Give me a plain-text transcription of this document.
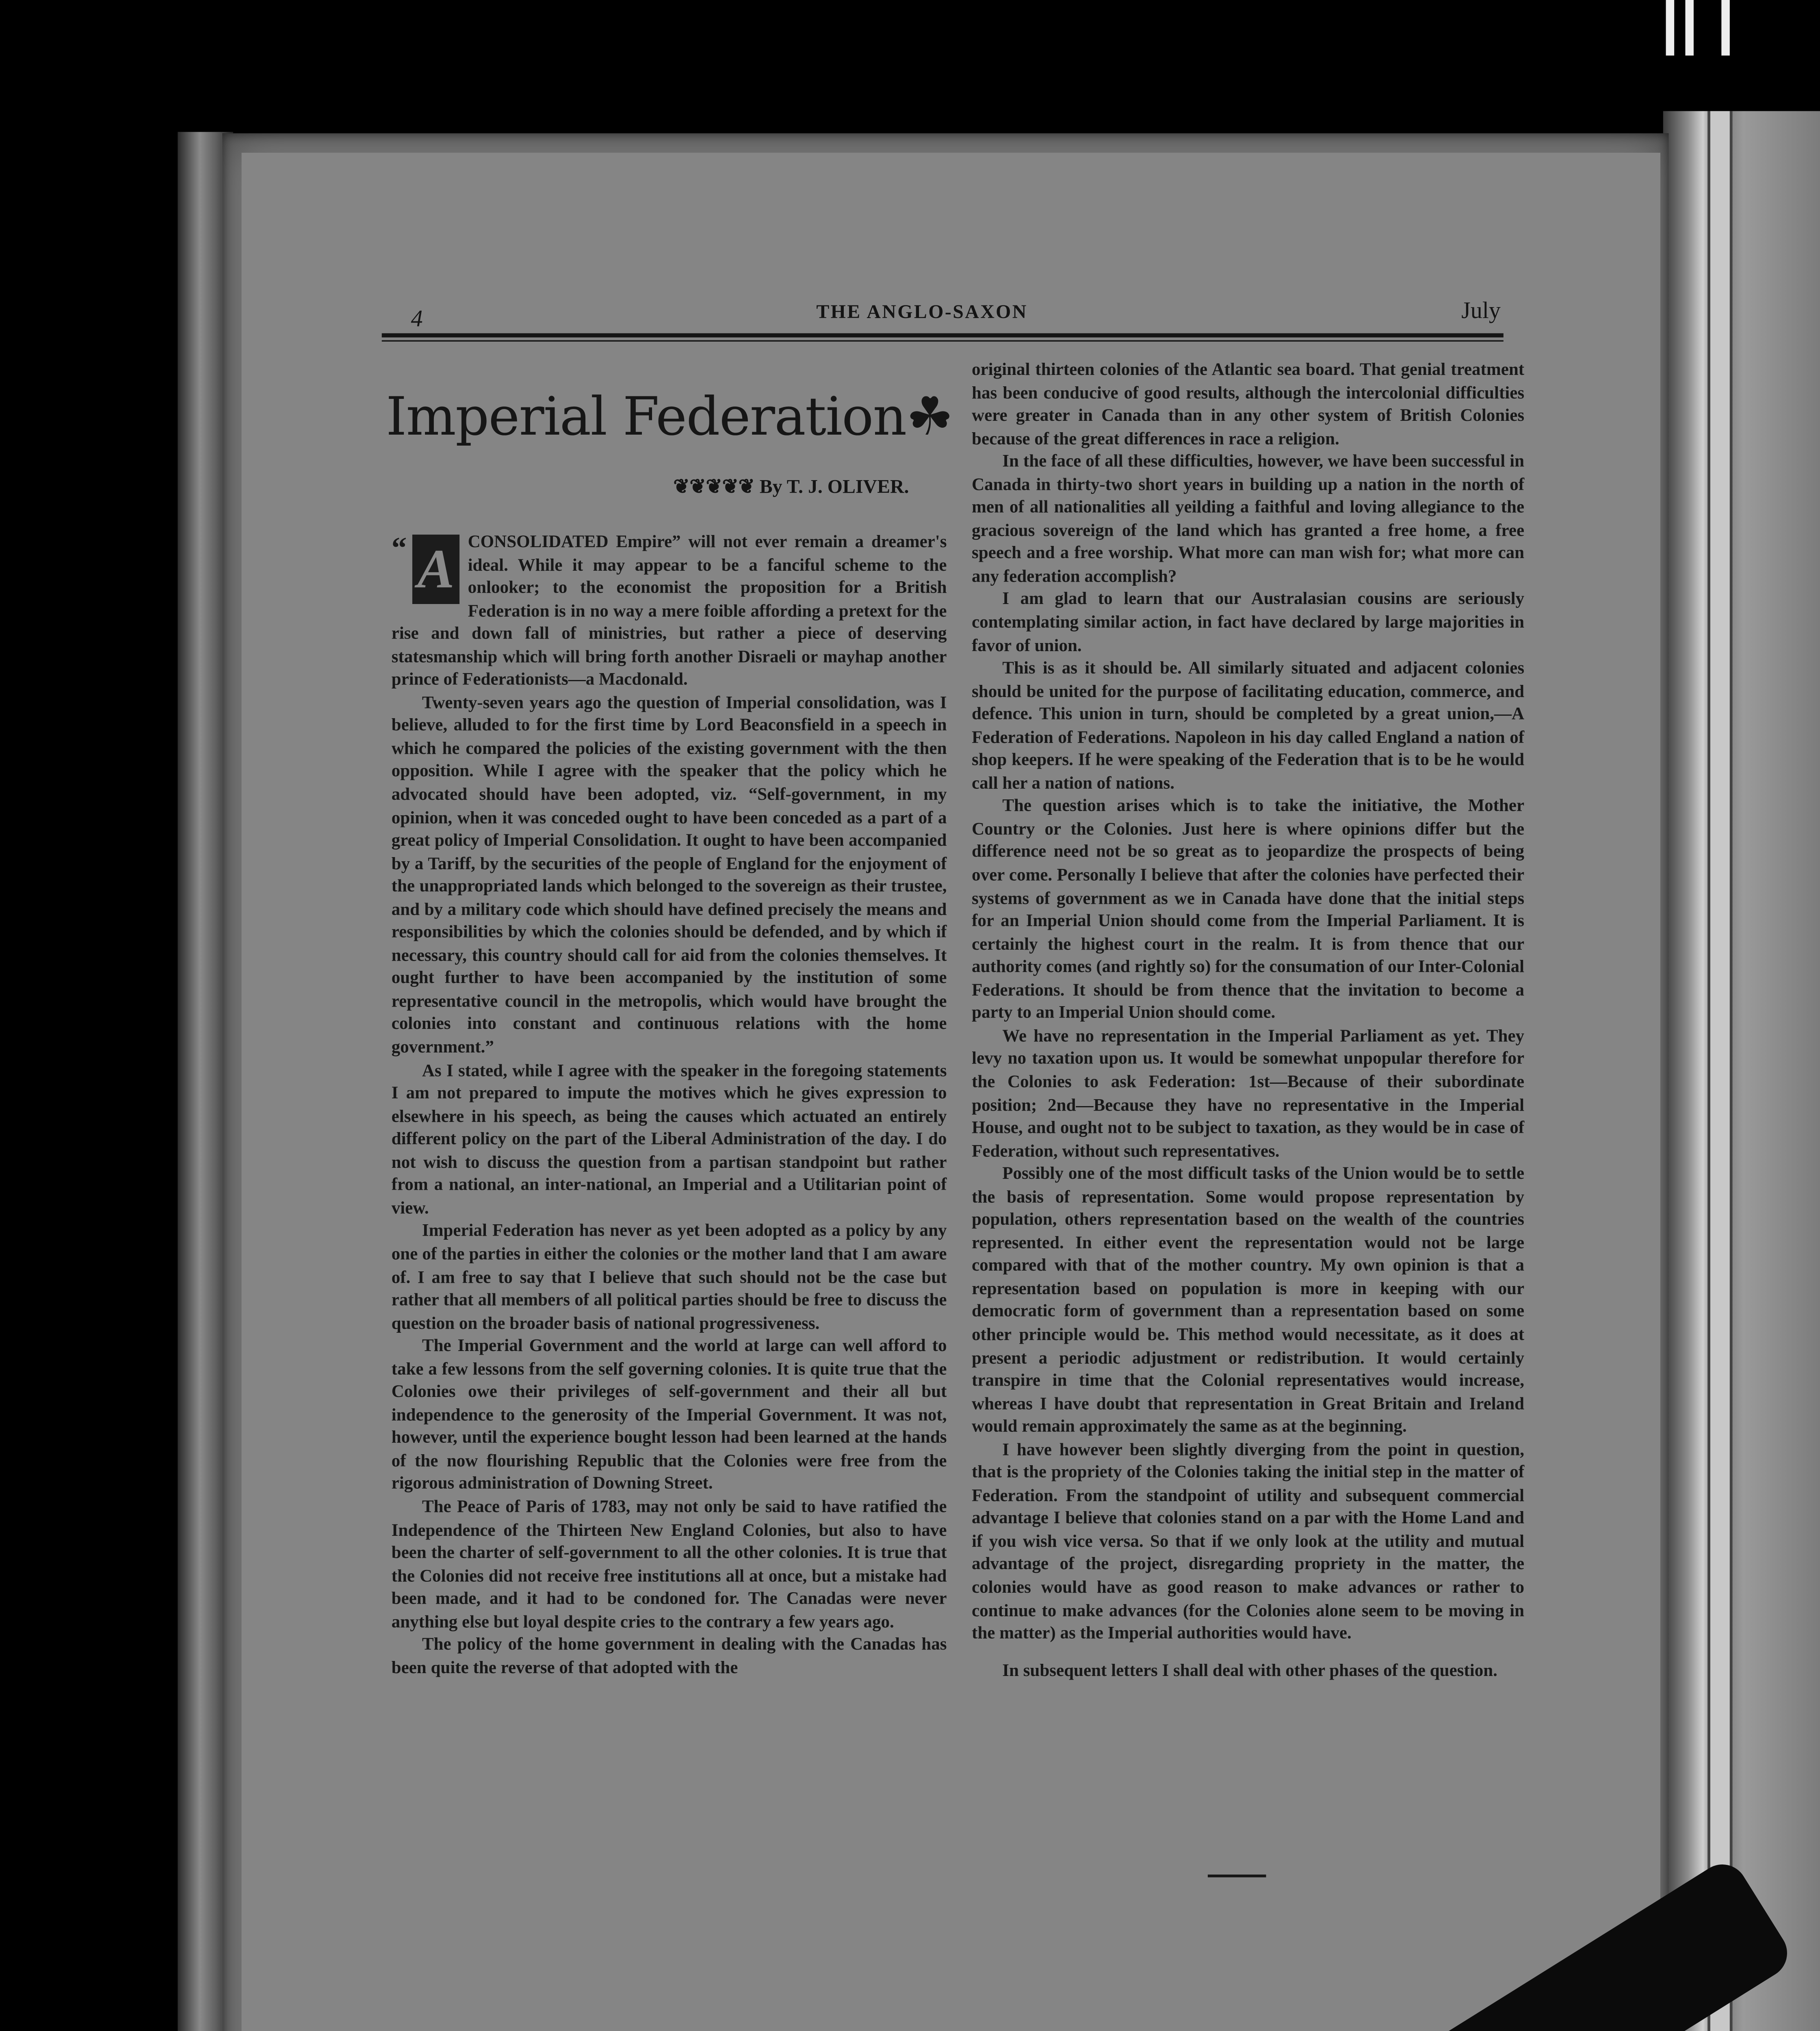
4	THE ANGLO-SAXON	July
Imperial Federation☘
❦❦❦❦❦ By T. J. OLIVER.

“ A	CONSOLIDATED Empire” will not ever remain a dreamer's ideal. While it may appear to be a fanciful scheme to the onlooker; to the economist the proposition for a British Federation is in no way a mere foible affording a pretext for the rise and down fall of ministries, but rather a piece of deserving statesmanship which will bring forth another Disraeli or mayhap another prince of Federationists—a Macdonald.

Twenty-seven years ago the question of Imperial consolidation, was I believe, alluded to for the first time by Lord Beaconsfield in a speech in which he compared the policies of the existing government with the then opposition. While I agree with the speaker that the policy which he advocated should have been adopted, viz. “Self-government, in my opinion, when it was conceded ought to have been conceded as a part of a great policy of Imperial Consolidation. It ought to have been accompanied by a Tariff, by the securities of the people of England for the enjoyment of the unappropriated lands which belonged to the sovereign as their trustee, and by a military code which should have defined precisely the means and responsibilities by which the colonies should be defended, and by which if necessary, this country should call for aid from the colonies themselves. It ought further to have been accompanied by the institution of some representative council in the metropolis, which would have brought the colonies into constant and continuous relations with the home government.”

As I stated, while I agree with the speaker in the foregoing statements I am not prepared to impute the motives which he gives expression to elsewhere in his speech, as being the causes which actuated an entirely different policy on the part of the Liberal Administration of the day. I do not wish to discuss the question from a partisan standpoint but rather from a national, an inter-national, an Imperial and a Utilitarian point of view.

Imperial Federation has never as yet been adopted as a policy by any one of the parties in either the colonies or the mother land that I am aware of. I am free to say that I believe that such should not be the case but rather that all members of all political parties should be free to discuss the question on the broader basis of national progressiveness.

The Imperial Government and the world at large can well afford to take a few lessons from the self governing colonies. It is quite true that the Colonies owe their privileges of self-government and their all but independence to the generosity of the Imperial Government. It was not, however, until the experience bought lesson had been learned at the hands of the now flourishing Republic that the Colonies were free from the rigorous administration of Downing Street.

The Peace of Paris of 1783, may not only be said to have ratified the Independence of the Thirteen New England Colonies, but also to have been the charter of self-government to all the other colonies. It is true that the Colonies did not receive free institutions all at once, but a mistake had been made, and it had to be condoned for. The Canadas were never anything else but loyal despite cries to the contrary a few years ago.

The policy of the home government in dealing with the Canadas has been quite the reverse of that adopted with the

original thirteen colonies of the Atlantic sea board. That genial treatment has been conducive of good results, although the intercolonial difficulties were greater in Canada than in any other system of British Colonies because of the great differences in race a religion.

In the face of all these difficulties, however, we have been successful in Canada in thirty-two short years in building up a nation in the north of men of all nationalities all yeilding a faithful and loving allegiance to the gracious sovereign of the land which has granted a free home, a free speech and a free worship. What more can man wish for; what more can any federation accomplish?

I am glad to learn that our Australasian cousins are seriously contemplating similar action, in fact have declared by large majorities in favor of union.

This is as it should be. All similarly situated and adjacent colonies should be united for the purpose of facilitating education, commerce, and defence. This union in turn, should be completed by a great union,—A Federation of Federations. Napoleon in his day called England a nation of shop keepers. If he were speaking of the Federation that is to be he would call her a nation of nations.

The question arises which is to take the initiative, the Mother Country or the Colonies. Just here is where opinions differ but the difference need not be so great as to jeopardize the prospects of being over come. Personally I believe that after the colonies have perfected their systems of government as we in Canada have done that the initial steps for an Imperial Union should come from the Imperial Parliament. It is certainly the highest court in the realm. It is from thence that our authority comes (and rightly so) for the consumation of our Inter-Colonial Federations. It should be from thence that the invitation to become a party to an Imperial Union should come.

We have no representation in the Imperial Parliament as yet. They levy no taxation upon us. It would be somewhat unpopular therefore for the Colonies to ask Federation: 1st—Because of their subordinate position; 2nd—Because they have no representative in the Imperial House, and ought not to be subject to taxation, as they would be in case of Federation, without such representatives.

Possibly one of the most difficult tasks of the Union would be to settle the basis of representation. Some would propose representation by population, others representation based on the wealth of the countries represented. In either event the representation would not be large compared with that of the mother country. My own opinion is that a representation based on population is more in keeping with our democratic form of government than a representation based on some other principle would be. This method would necessitate, as it does at present a periodic adjustment or redistribution. It would certainly transpire in time that the Colonial representatives would increase, whereas I have doubt that representation in Great Britain and Ireland would remain approximately the same as at the beginning.

I have however been slightly diverging from the point in question, that is the propriety of the Colonies taking the initial step in the matter of Federation. From the standpoint of utility and subsequent commercial advantage I believe that colonies stand on a par with the Home Land and if you wish vice versa. So that if we only look at the utility and mutual advantage of the project, disregarding propriety in the matter, the colonies would have as good reason to make advances or rather to continue to make advances (for the Colonies alone seem to be moving in the matter) as the Imperial authorities would have.

In subsequent letters I shall deal with other phases of the question.
